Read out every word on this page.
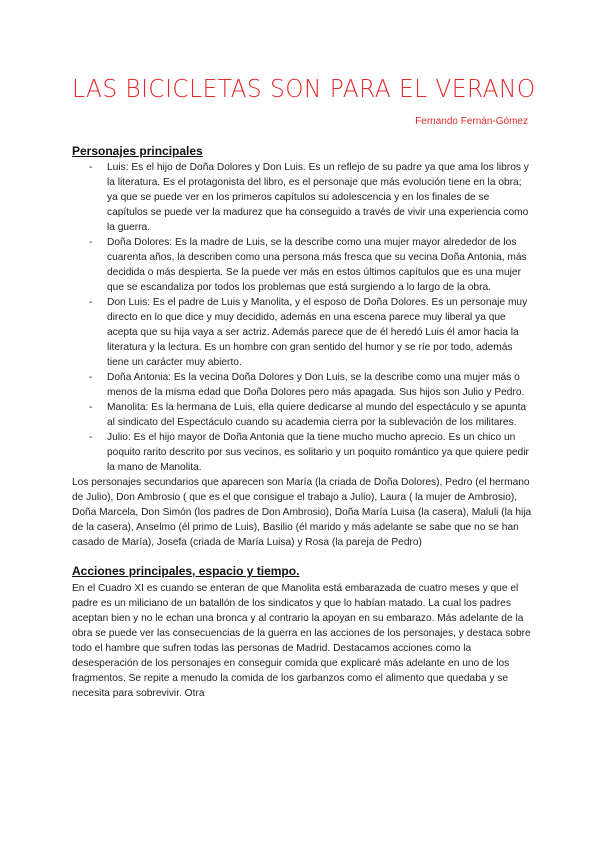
LAS BICICLETAS SON PARA EL VERANO
Fernando Fernán-Gómez
Personajes principales
- Luis: Es el hijo de Doña Dolores y Don Luis. Es un reflejo de su padre ya que ama los libros y la literatura. Es el protagonista del libro, es el personaje que más evolución tiene en la obra; ya que se puede ver en los primeros capítulos su adolescencia y en los finales de se capítulos se puede ver la madurez que ha conseguido a través de vivir una experiencia como la guerra.
- Doña Dolores: Es la madre de Luis, se la describe como una mujer mayor alrededor de los cuarenta años, la describen como una persona más fresca que su vecina Doña Antonia, más decidida o más despierta. Se la puede ver más en estos últimos capítulos que es una mujer que se escandaliza por todos los problemas que está surgiendo a lo largo de la obra.
- Don Luis: Es el padre de Luis y Manolita, y el esposo de Doña Dolores. Es un personaje muy directo en lo que dice y muy decidido, además en una escena parece muy liberal ya que acepta que su hija vaya a ser actriz. Además parece que de él heredó Luis él amor hacia la literatura y la lectura. Es un hombre con gran sentido del humor y se ríe por todo, además tiene un carácter muy abierto.
- Doña Antonia: Es la vecina Doña Dolores y Don Luis, se la describe como una mujer más o menos de la misma edad que Doña Dolores pero más apagada. Sus hijos son Julio y Pedro.
- Manolita: Es la hermana de Luis, ella quiere dedicarse al mundo del espectáculo y se apunta al sindicato del Espectáculo cuando su academia cierra por la sublevación de los militares.
- Julio: Es el hijo mayor de Doña Antonia que la tiene mucho mucho aprecio. Es un chico un poquito rarito descrito por sus vecinos, es solitario y un poquito romántico ya que quiere pedir la mano de Manolita.

Los personajes secundarios que aparecen son María (la criada de Doña Dolores), Pedro (el hermano de Julio), Don Ambrosio ( que es el que consigue el trabajo a Julio), Laura ( la mujer de Ambrosio), Doña Marcela, Don Simón (los padres de Don Ambrosio), Doña María Luisa (la casera), Maluli (la hija de la casera), Anselmo (él primo de Luis), Basilio (él marido y más adelante se sabe que no se han casado de María), Josefa (criada de María Luisa) y Rosa (la pareja de Pedro)

Acciones principales, espacio y tiempo.

En el Cuadro XI es cuando se enteran de que Manolita está embarazada de cuatro meses y que el padre es un miliciano de un batallón de los sindicatos y que lo habían matado. La cual los padres aceptan bien y no le echan una bronca y al contrario la apoyan en su embarazo. Más adelante de la obra se puede ver las consecuencias de la guerra en las acciones de los personajes, y destaca sobre todo el hambre que sufren todas las personas de Madrid. Destacamos acciones como la desesperación de los personajes en conseguir comida que explicaré más adelante en uno de los fragmentos. Se repite a menudo la comida de los garbanzos como el alimento que quedaba y se necesita para sobrevivir. Otra
